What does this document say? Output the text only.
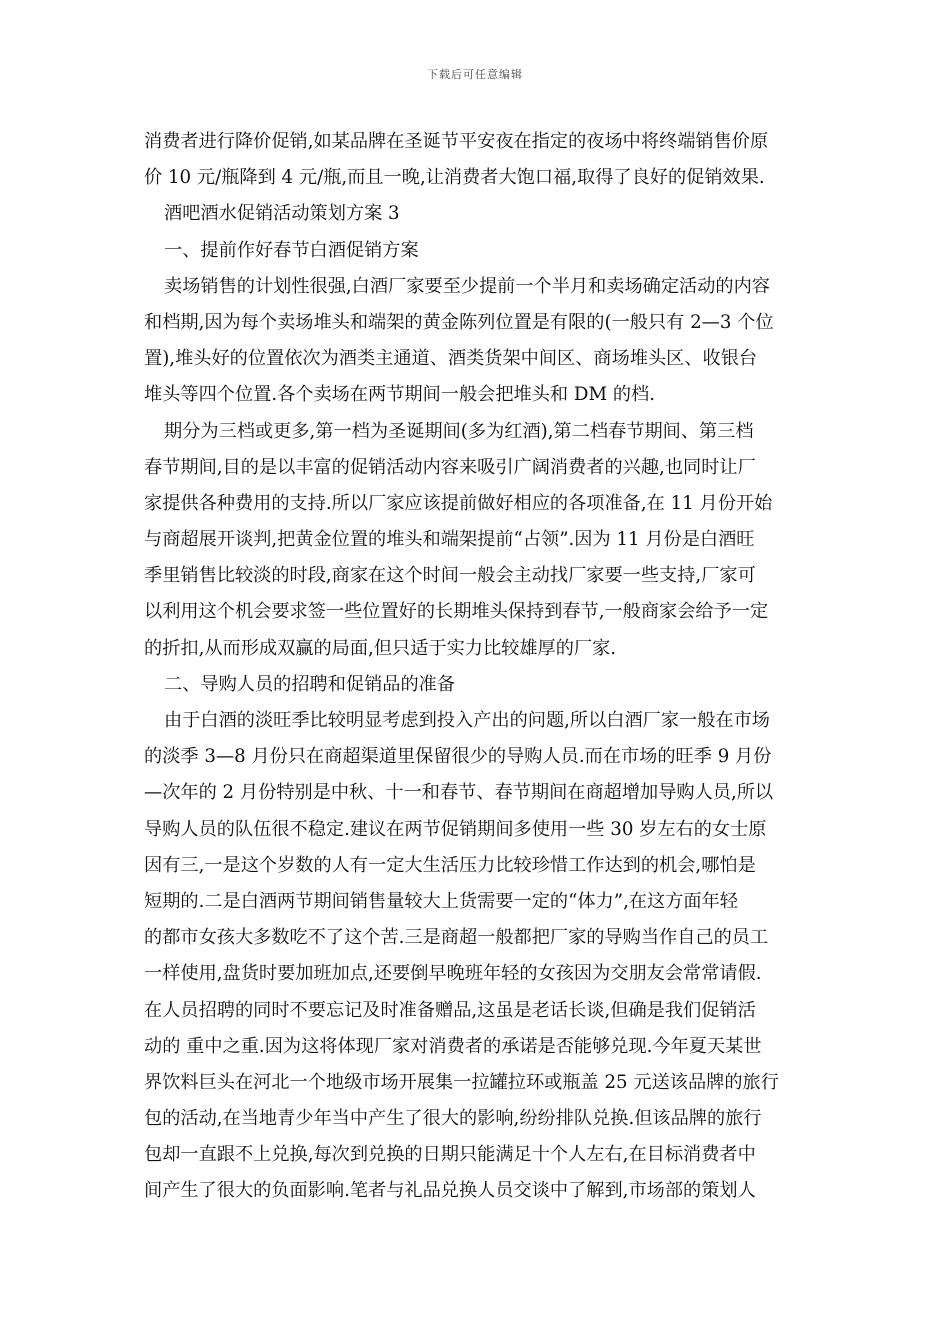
下载后可任意编辑
消费者进行降价促销,如某品牌在圣诞节平安夜在指定的夜场中将终端销售价原
价 10 元/瓶降到 4 元/瓶,而且一晚,让消费者大饱口福,取得了良好的促销效果.
酒吧酒水促销活动策划方案 3
一、提前作好春节白酒促销方案
卖场销售的计划性很强,白酒厂家要至少提前一个半月和卖场确定活动的内容
和档期,因为每个卖场堆头和端架的黄金陈列位置是有限的(一般只有 2—3 个位
置),堆头好的位置依次为酒类主通道、酒类货架中间区、商场堆头区、收银台
堆头等四个位置.各个卖场在两节期间一般会把堆头和 DM 的档.
期分为三档或更多,第一档为圣诞期间(多为红酒),第二档春节期间、第三档
春节期间,目的是以丰富的促销活动内容来吸引广阔消费者的兴趣,也同时让厂
家提供各种费用的支持.所以厂家应该提前做好相应的各项准备,在 11 月份开始
与商超展开谈判,把黄金位置的堆头和端架提前“占领”.因为 11 月份是白酒旺
季里销售比较淡的时段,商家在这个时间一般会主动找厂家要一些支持,厂家可
以利用这个机会要求签一些位置好的长期堆头保持到春节,一般商家会给予一定
的折扣,从而形成双赢的局面,但只适于实力比较雄厚的厂家.
二、导购人员的招聘和促销品的准备
由于白酒的淡旺季比较明显考虑到投入产出的问题,所以白酒厂家一般在市场
的淡季 3—8 月份只在商超渠道里保留很少的导购人员.而在市场的旺季 9 月份
—次年的 2 月份特别是中秋、十一和春节、春节期间在商超增加导购人员,所以
导购人员的队伍很不稳定.建议在两节促销期间多使用一些 30 岁左右的女士原
因有三,一是这个岁数的人有一定大生活压力比较珍惜工作达到的机会,哪怕是
短期的.二是白酒两节期间销售量较大上货需要一定的“体力”,在这方面年轻
的都市女孩大多数吃不了这个苦.三是商超一般都把厂家的导购当作自己的员工
一样使用,盘货时要加班加点,还要倒早晚班年轻的女孩因为交朋友会常常请假.
在人员招聘的同时不要忘记及时准备赠品,这虽是老话长谈,但确是我们促销活
动的 重中之重.因为这将体现厂家对消费者的承诺是否能够兑现.今年夏天某世
界饮料巨头在河北一个地级市场开展集一拉罐拉环或瓶盖 25 元送该品牌的旅行
包的活动,在当地青少年当中产生了很大的影响,纷纷排队兑换.但该品牌的旅行
包却一直跟不上兑换,每次到兑换的日期只能满足十个人左右,在目标消费者中
间产生了很大的负面影响.笔者与礼品兑换人员交谈中了解到,市场部的策划人
